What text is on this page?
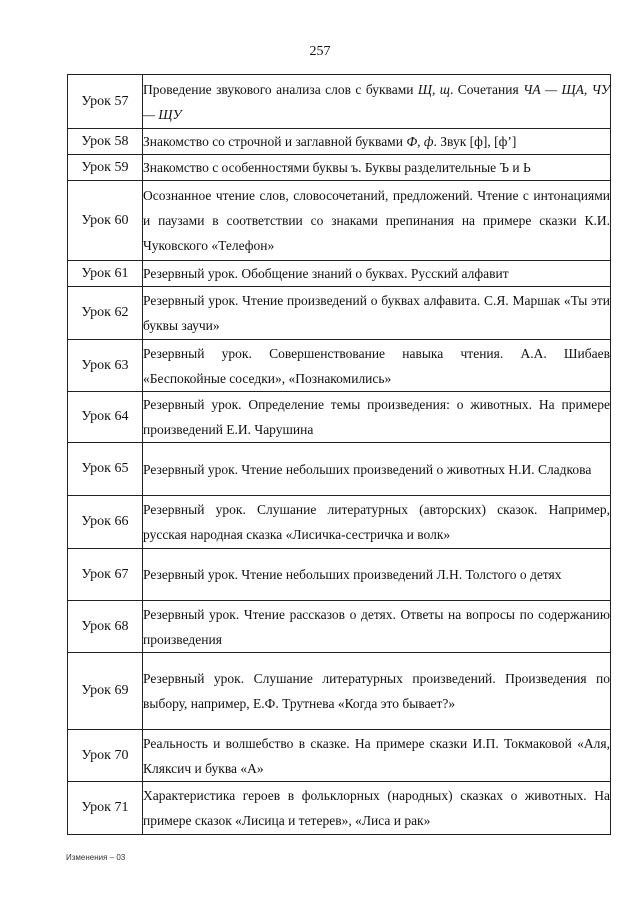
257
Урок 57	Проведение звукового анализа слов с буквами Щ, щ. Сочетания ЧА — ЩА, ЧУ — ЩУ

Урок 58	Знакомство со строчной и заглавной буквами Ф, ф. Звук [ф], [ф’]

Урок 59	Знакомство с особенностями буквы ъ. Буквы разделительные Ъ и Ь

Урок 60	Осознанное чтение слов, словосочетаний, предложений. Чтение с интонациями и паузами в соответствии со знаками препинания на примере сказки К.И. Чуковского «Телефон»

Урок 61	Резервный урок. Обобщение знаний о буквах. Русский алфавит

Урок 62	Резервный урок. Чтение произведений о буквах алфавита. С.Я. Маршак «Ты эти буквы заучи»

Урок 63	Резервный урок. Совершенствование навыка чтения. А.А. Шибаев «Беспокойные соседки», «Познакомились»

Урок 64	Резервный урок. Определение темы произведения: о животных. На примере произведений Е.И. Чарушина

Урок 65	Резервный урок. Чтение небольших произведений о животных Н.И. Сладкова

Урок 66	Резервный урок. Слушание литературных (авторских) сказок. Например, русская народная сказка «Лисичка-сестричка и волк»

Урок 67	Резервный урок. Чтение небольших произведений Л.Н. Толстого о детях

Урок 68	Резервный урок. Чтение рассказов о детях. Ответы на вопросы по содержанию произведения

Урок 69	Резервный урок. Слушание литературных произведений. Произведения по выбору, например, Е.Ф. Трутнева «Когда это бывает?»

Урок 70	Реальность и волшебство в сказке. На примере сказки И.П. Токмаковой «Аля, Кляксич и буква «А»

Урок 71	Характеристика героев в фольклорных (народных) сказках о животных. На примере сказок «Лисица и тетерев», «Лиса и рак»
Изменения – 03
